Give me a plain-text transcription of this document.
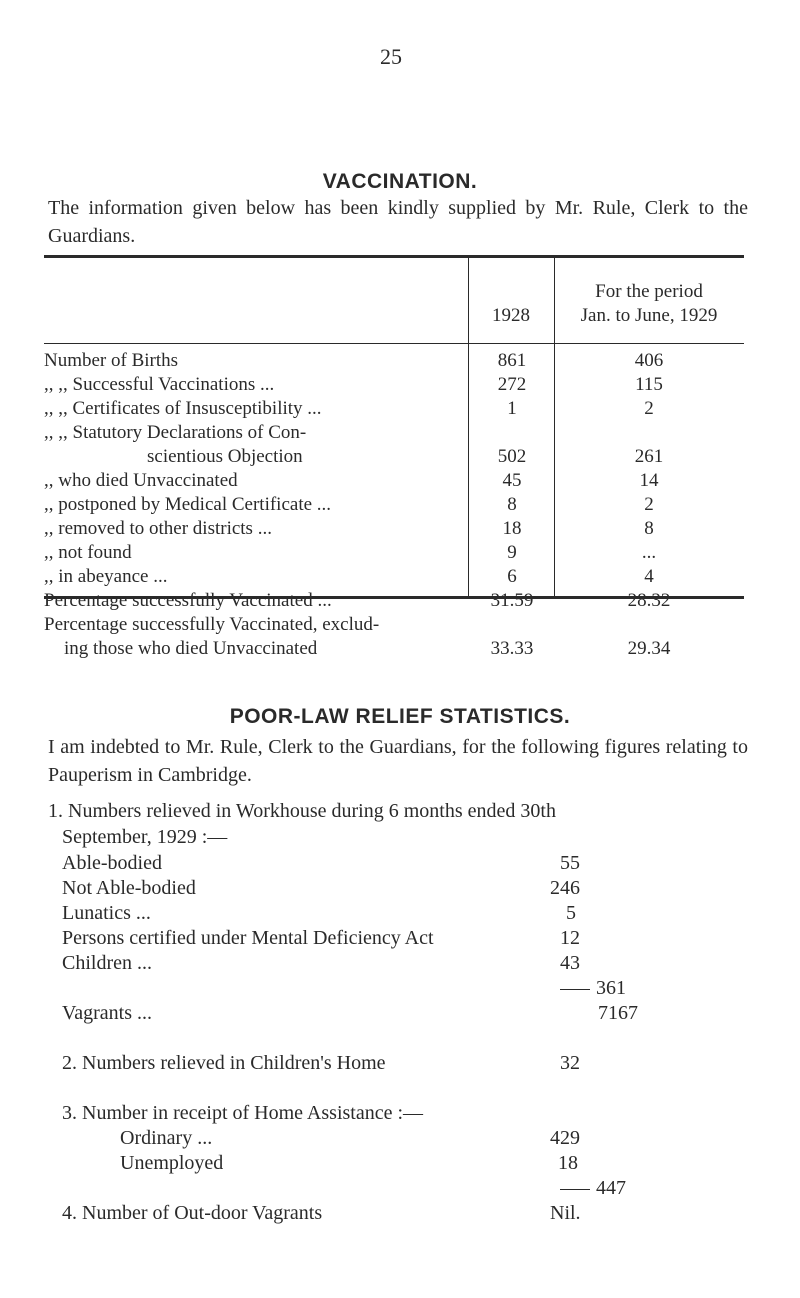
25
VACCINATION.
The information given below has been kindly supplied by Mr. Rule, Clerk to the Guardians.
1928
For the period
Jan. to June, 1929
Number of Births	861	406
,, ,, Successful Vaccinations ...	272	115
,, ,, Certificates of Insusceptibility ...	1	2
,, ,, Statutory Declarations of Con-
scientious Objection	502	261
,, who died Unvaccinated	45	14
,, postponed by Medical Certificate ...	8	2
,, removed to other districts ...	18	8
,, not found	9	...
,, in abeyance ...	6	4
Percentage successfully Vaccinated ...	31.59	28.32
Percentage successfully Vaccinated, exclud-
ing those who died Unvaccinated	33.33	29.34
POOR-LAW RELIEF STATISTICS.
I am indebted to Mr. Rule, Clerk to the Guardians, for the following figures relating to Pauperism in Cambridge.
1. Numbers relieved in Workhouse during 6 months ended 30th
September, 1929 :—
Able-bodied	55
Not Able-bodied	246
Lunatics ...	5
Persons certified under Mental Deficiency Act	12
Children ...	43
361
Vagrants ...	7167
2. Numbers relieved in Children's Home	32
3. Number in receipt of Home Assistance :—
Ordinary ...	429
Unemployed	18
447
4. Number of Out-door Vagrants	Nil.
